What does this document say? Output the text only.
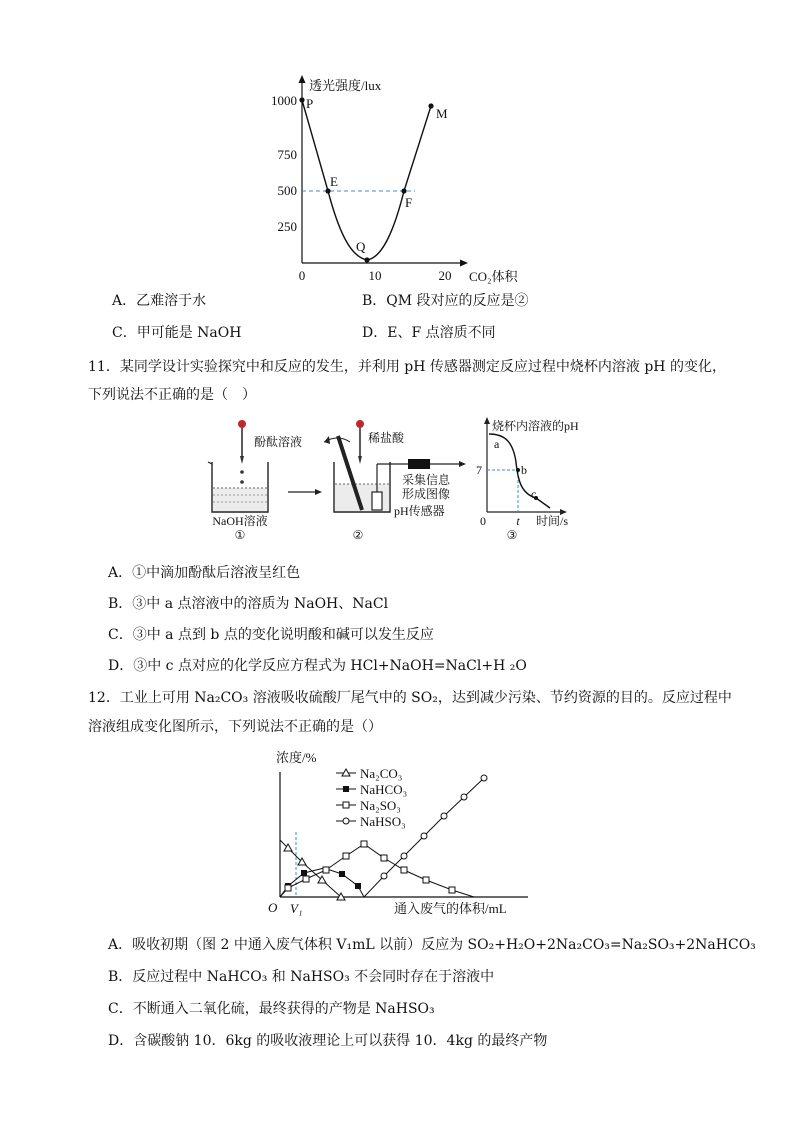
P
E
Q
F
M
1000
750
500
250
0	10	20
透光强度/lux
CO₂体积
A．乙难溶于水	B．QM 段对应的反应是②
C．甲可能是 NaOH	D．E、F 点溶质不同
11．某同学设计实验探究中和反应的发生，并利用 pH 传感器测定反应过程中烧杯内溶液 pH 的变化，
下列说法不正确的是（　）
酚酞溶液
NaOH溶液
①
稀盐酸
采集信息
形成图像
pH传感器
②
烧杯内溶液的pH
a
b
c
7
0	t 时间/s
③
A．①中滴加酚酞后溶液呈红色
B．③中 a 点溶液中的溶质为 NaOH、NaCl
C．③中 a 点到 b 点的变化说明酸和碱可以发生反应
D．③中 c 点对应的化学反应方程式为 HCl+NaOH=NaCl+H ₂O
12．工业上可用 Na₂CO₃ 溶液吸收硫酸厂尾气中的 SO₂，达到减少污染、节约资源的目的。反应过程中
溶液组成变化图所示，下列说法不正确的是（）
浓度/%
O V₁	通入废气的体积/mL
Na₂CO₃
NaHCO₃
Na₂SO₃
NaHSO₃
A．吸收初期（图 2 中通入废气体积 V₁mL 以前）反应为 SO₂+H₂O+2Na₂CO₃=Na₂SO₃+2NaHCO₃
B．反应过程中 NaHCO₃ 和 NaHSO₃ 不会同时存在于溶液中
C．不断通入二氧化硫，最终获得的产物是 NaHSO₃
D．含碳酸钠 10．6kg 的吸收液理论上可以获得 10．4kg 的最终产物
